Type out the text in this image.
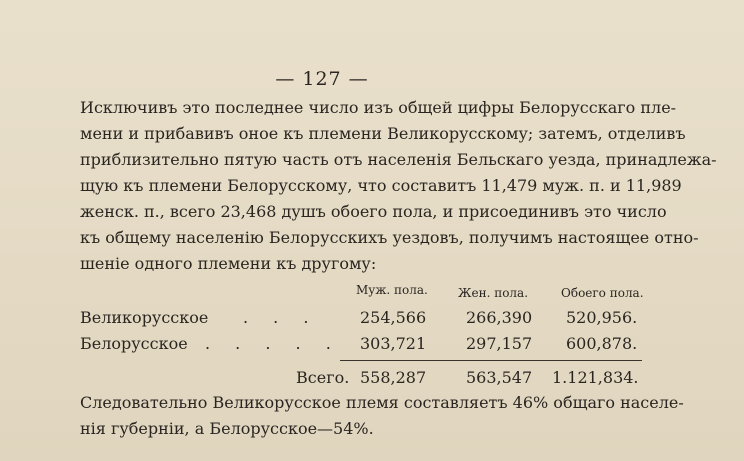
— 127 —
Исключивъ это последнее число изъ общей цифры Белорусскаго пле-
мени и прибавивъ оное къ племени Великорусскому; затемъ, отделивъ
приблизительно пятую часть отъ населенія Бельскаго уезда, принадлежа-
щую къ племени Белорусскому, что составитъ 11,479 муж. п. и 11,989
женск. п., всего 23,468 душъ обоего пола, и присоединивъ это число
къ общему населенію Белорусскихъ уездовъ, получимъ настоящее отно-
шеніе одного племени къ другому:
Муж. пола.	Жен. пола.	Обоего пола.
Великорусское . . .	254,566 266,390 520,956.
Белорусское . . . . . 303,721 297,157 600,878.
Всего. 558,287 563,547 1.121,834.
Следовательно Великорусское племя составляетъ 46% общаго населе-
нія губерніи, а Белорусское—54%.
